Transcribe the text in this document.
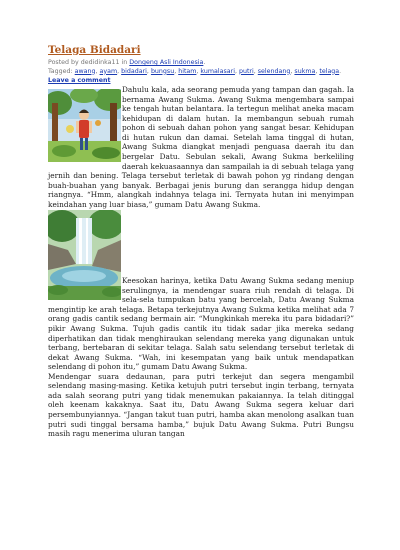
Telaga Bidadari
Posted by dedidinka11 in Dongeng Asli Indonesia.
Tagged: awang, ayam, bidadari, bungsu, hitam, kumalasari, putri, selendang, sukma, telaga.
Leave a comment

Dahulu kala, ada seorang pemuda yang tampan dan gagah. Ia bernama Awang Sukma. Awang Sukma mengembara sampai ke tengah hutan belantara. Ia tertegun melihat aneka macam kehidupan di dalam hutan. Ia membangun sebuah rumah pohon di sebuah dahan pohon yang sangat besar. Kehidupan di hutan rukun dan damai. Setelah lama tinggal di hutan, Awang Sukma diangkat menjadi penguasa daerah itu dan bergelar Datu. Sebulan sekali, Awang Sukma berkeliling daerah kekuasaannya dan sampailah ia di sebuah telaga yang jernih dan bening. Telaga tersebut terletak di bawah pohon yg rindang dengan buah-buahan yang banyak. Berbagai jenis burung dan serangga hidup dengan riangnya. “Hmm, alangkah indahnya telaga ini. Ternyata hutan ini menyimpan keindahan yang luar biasa,” gumam Datu Awang Sukma.

Keesokan harinya, ketika Datu Awang Sukma sedang meniup serulingnya, ia mendengar suara riuh rendah di telaga. Di sela-sela tumpukan batu yang bercelah, Datu Awang Sukma mengintip ke arah telaga. Betapa terkejutnya Awang Sukma ketika melihat ada 7 orang gadis cantik sedang bermain air. “Mungkinkah mereka itu para bidadari?” pikir Awang Sukma. Tujuh gadis cantik itu tidak sadar jika mereka sedang diperhatikan dan tidak menghiraukan selendang mereka yang digunakan untuk terbang, bertebaran di sekitar telaga. Salah satu selendang tersebut terletak di dekat Awang Sukma. “Wah, ini kesempatan yang baik untuk mendapatkan selendang di pohon itu,” gumam Datu Awang Sukma.

Mendengar suara dedaunan, para putri terkejut dan segera mengambil selendang masing-masing. Ketika ketujuh putri tersebut ingin terbang, ternyata ada salah seorang putri yang tidak menemukan pakaiannya. Ia telah ditinggal oleh keenam kakaknya. Saat itu, Datu Awang Sukma segera keluar dari persembunyiannya. “Jangan takut tuan putri, hamba akan menolong asalkan tuan putri sudi tinggal bersama hamba,” bujuk Datu Awang Sukma. Putri Bungsu masih ragu menerima uluran tangan
